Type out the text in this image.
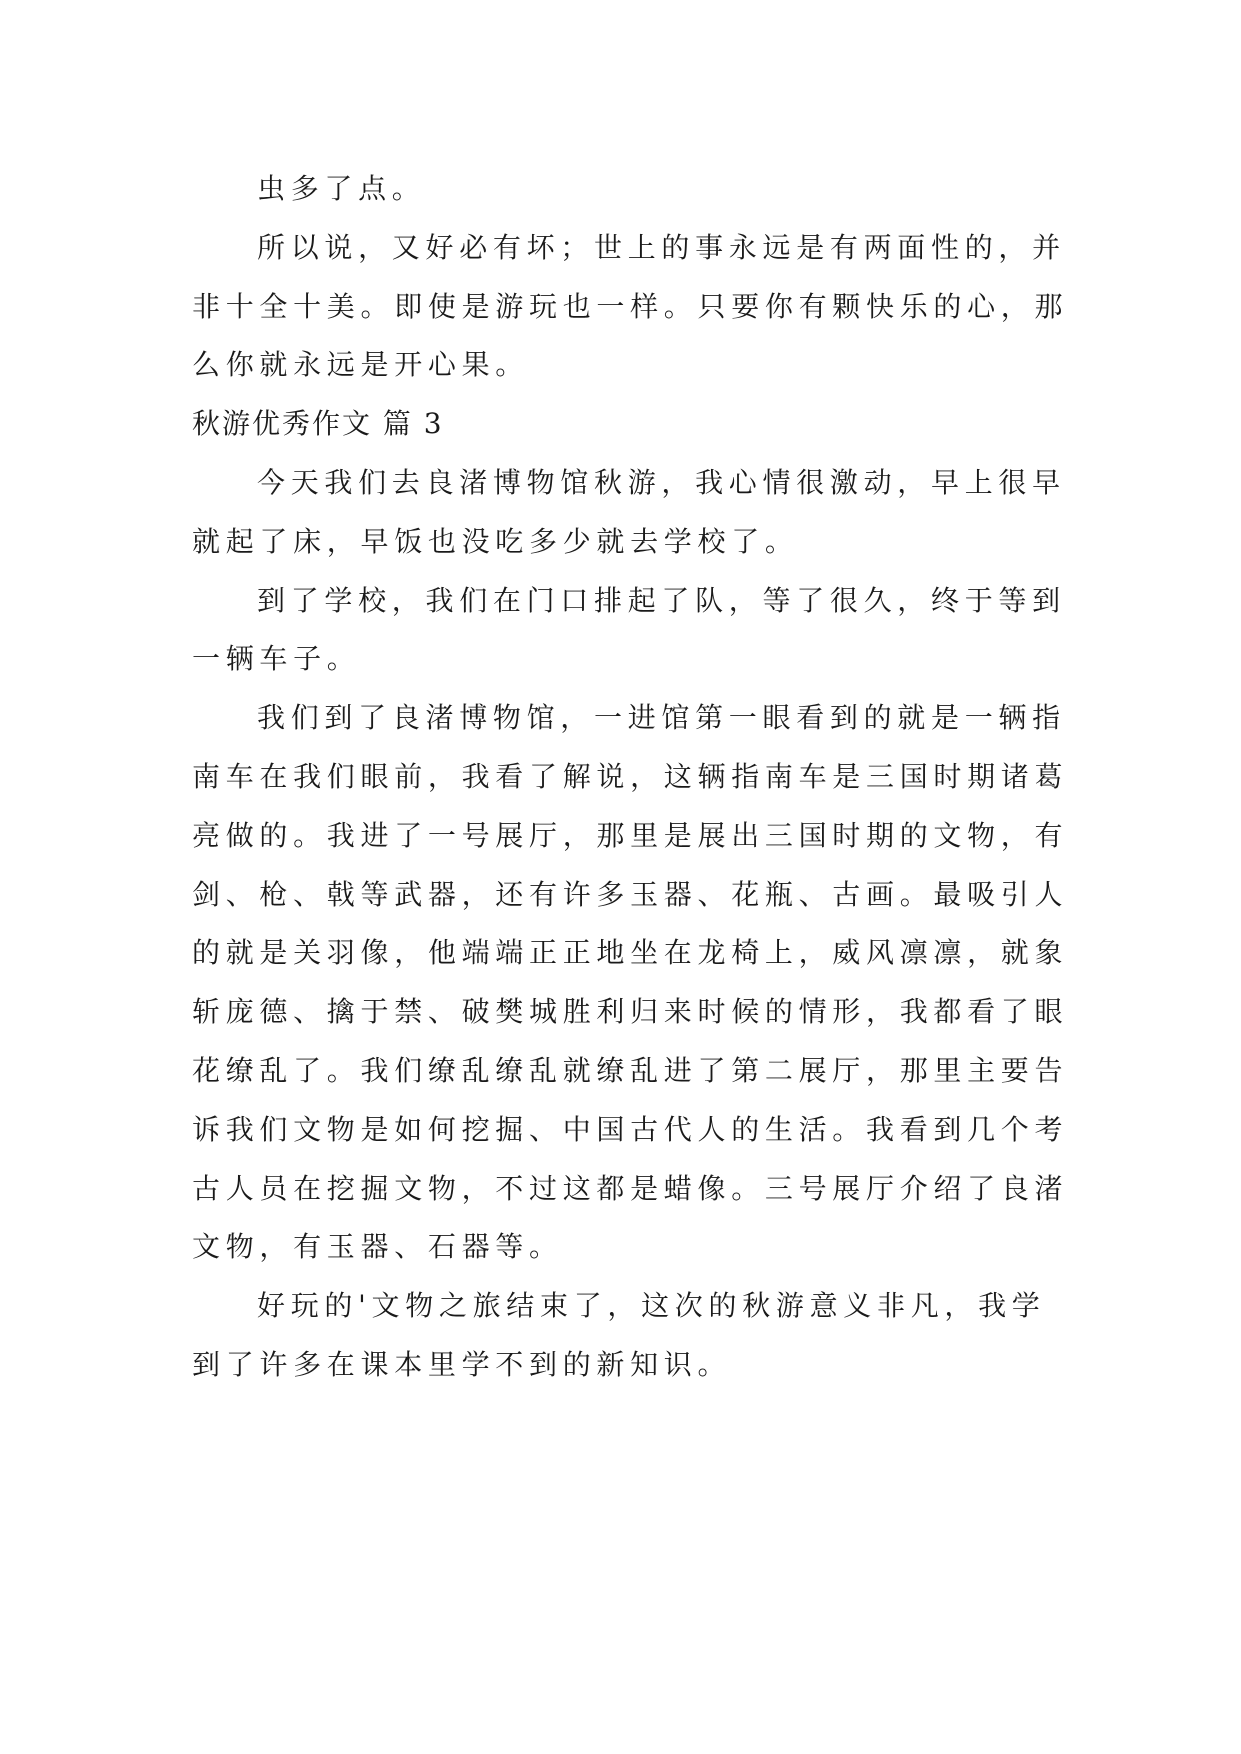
虫多了点。
所以说，又好必有坏；世上的事永远是有两面性的，并
非十全十美。即使是游玩也一样。只要你有颗快乐的心，那
么你就永远是开心果。
秋游优秀作文 篇 3
今天我们去良渚博物馆秋游，我心情很激动，早上很早
就起了床，早饭也没吃多少就去学校了。
到了学校，我们在门口排起了队，等了很久，终于等到
一辆车子。
我们到了良渚博物馆，一进馆第一眼看到的就是一辆指
南车在我们眼前，我看了解说，这辆指南车是三国时期诸葛
亮做的。我进了一号展厅，那里是展出三国时期的文物，有
剑、枪、戟等武器，还有许多玉器、花瓶、古画。最吸引人
的就是关羽像，他端端正正地坐在龙椅上，威风凛凛，就象
斩庞德、擒于禁、破樊城胜利归来时候的情形，我都看了眼
花缭乱了。我们缭乱缭乱就缭乱进了第二展厅，那里主要告
诉我们文物是如何挖掘、中国古代人的生活。我看到几个考
古人员在挖掘文物，不过这都是蜡像。三号展厅介绍了良渚
文物，有玉器、石器等。
好玩的'文物之旅结束了，这次的秋游意义非凡，我学
到了许多在课本里学不到的新知识。
